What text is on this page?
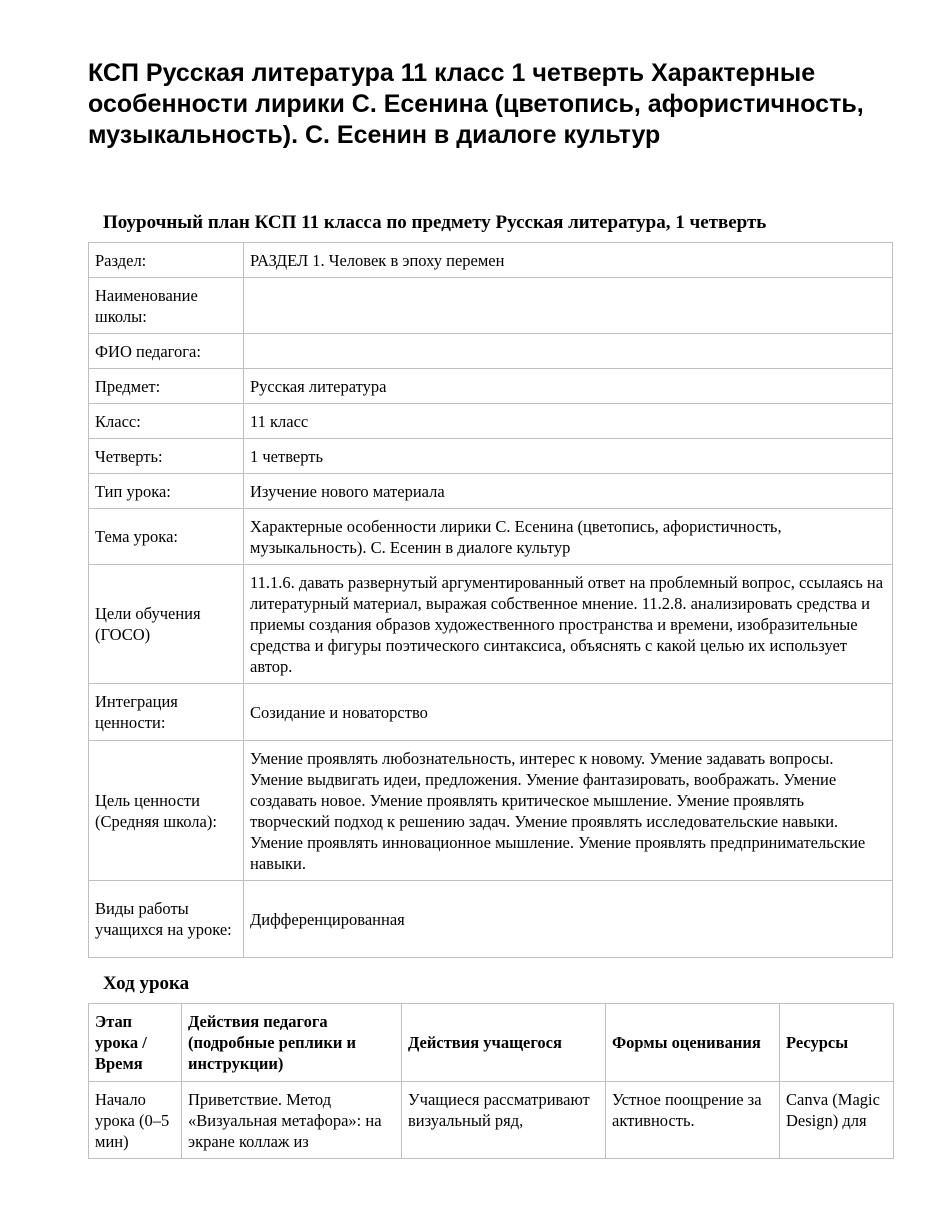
КСП Русская литература 11 класс 1 четверть Характерные особенности лирики С. Есенина (цветопись, афористичность, музыкальность). С. Есенин в диалоге культур
Поурочный план КСП 11 класса по предмету Русская литература, 1 четверть
Раздел:	РАЗДЕЛ 1. Человек в эпоху перемен
Наименование школы:	
ФИО педагога:	
Предмет:	Русская литература
Класс:	11 класс
Четверть:	1 четверть
Тип урока:	Изучение нового материала
Тема урока:	Характерные особенности лирики С. Есенина (цветопись, афористичность, музыкальность). С. Есенин в диалоге культур
Цели обучения (ГОСО)	11.1.6. давать развернутый аргументированный ответ на проблемный вопрос, ссылаясь на литературный материал, выражая собственное мнение. 11.2.8. анализировать средства и приемы создания образов художественного пространства и времени, изобразительные средства и фигуры поэтического синтаксиса, объяснять с какой целью их использует автор.
Интеграция ценности:	Созидание и новаторство
Цель ценности (Средняя школа):	Умение проявлять любознательность, интерес к новому. Умение задавать вопросы. Умение выдвигать идеи, предложения. Умение фантазировать, воображать. Умение создавать новое. Умение проявлять критическое мышление. Умение проявлять творческий подход к решению задач. Умение проявлять исследовательские навыки. Умение проявлять инновационное мышление. Умение проявлять предпринимательские навыки.
Виды работы учащихся на уроке:	Дифференцированная
Ход урока
Этап урока / Время	Действия педагога (подробные реплики и инструкции)	Действия учащегося	Формы оценивания	Ресурсы
Начало урока (0–5 мин)	Приветствие. Метод «Визуальная метафора»: на экране коллаж из	Учащиеся рассматривают визуальный ряд,	Устное поощрение за активность.	Canva (Magic Design) для
